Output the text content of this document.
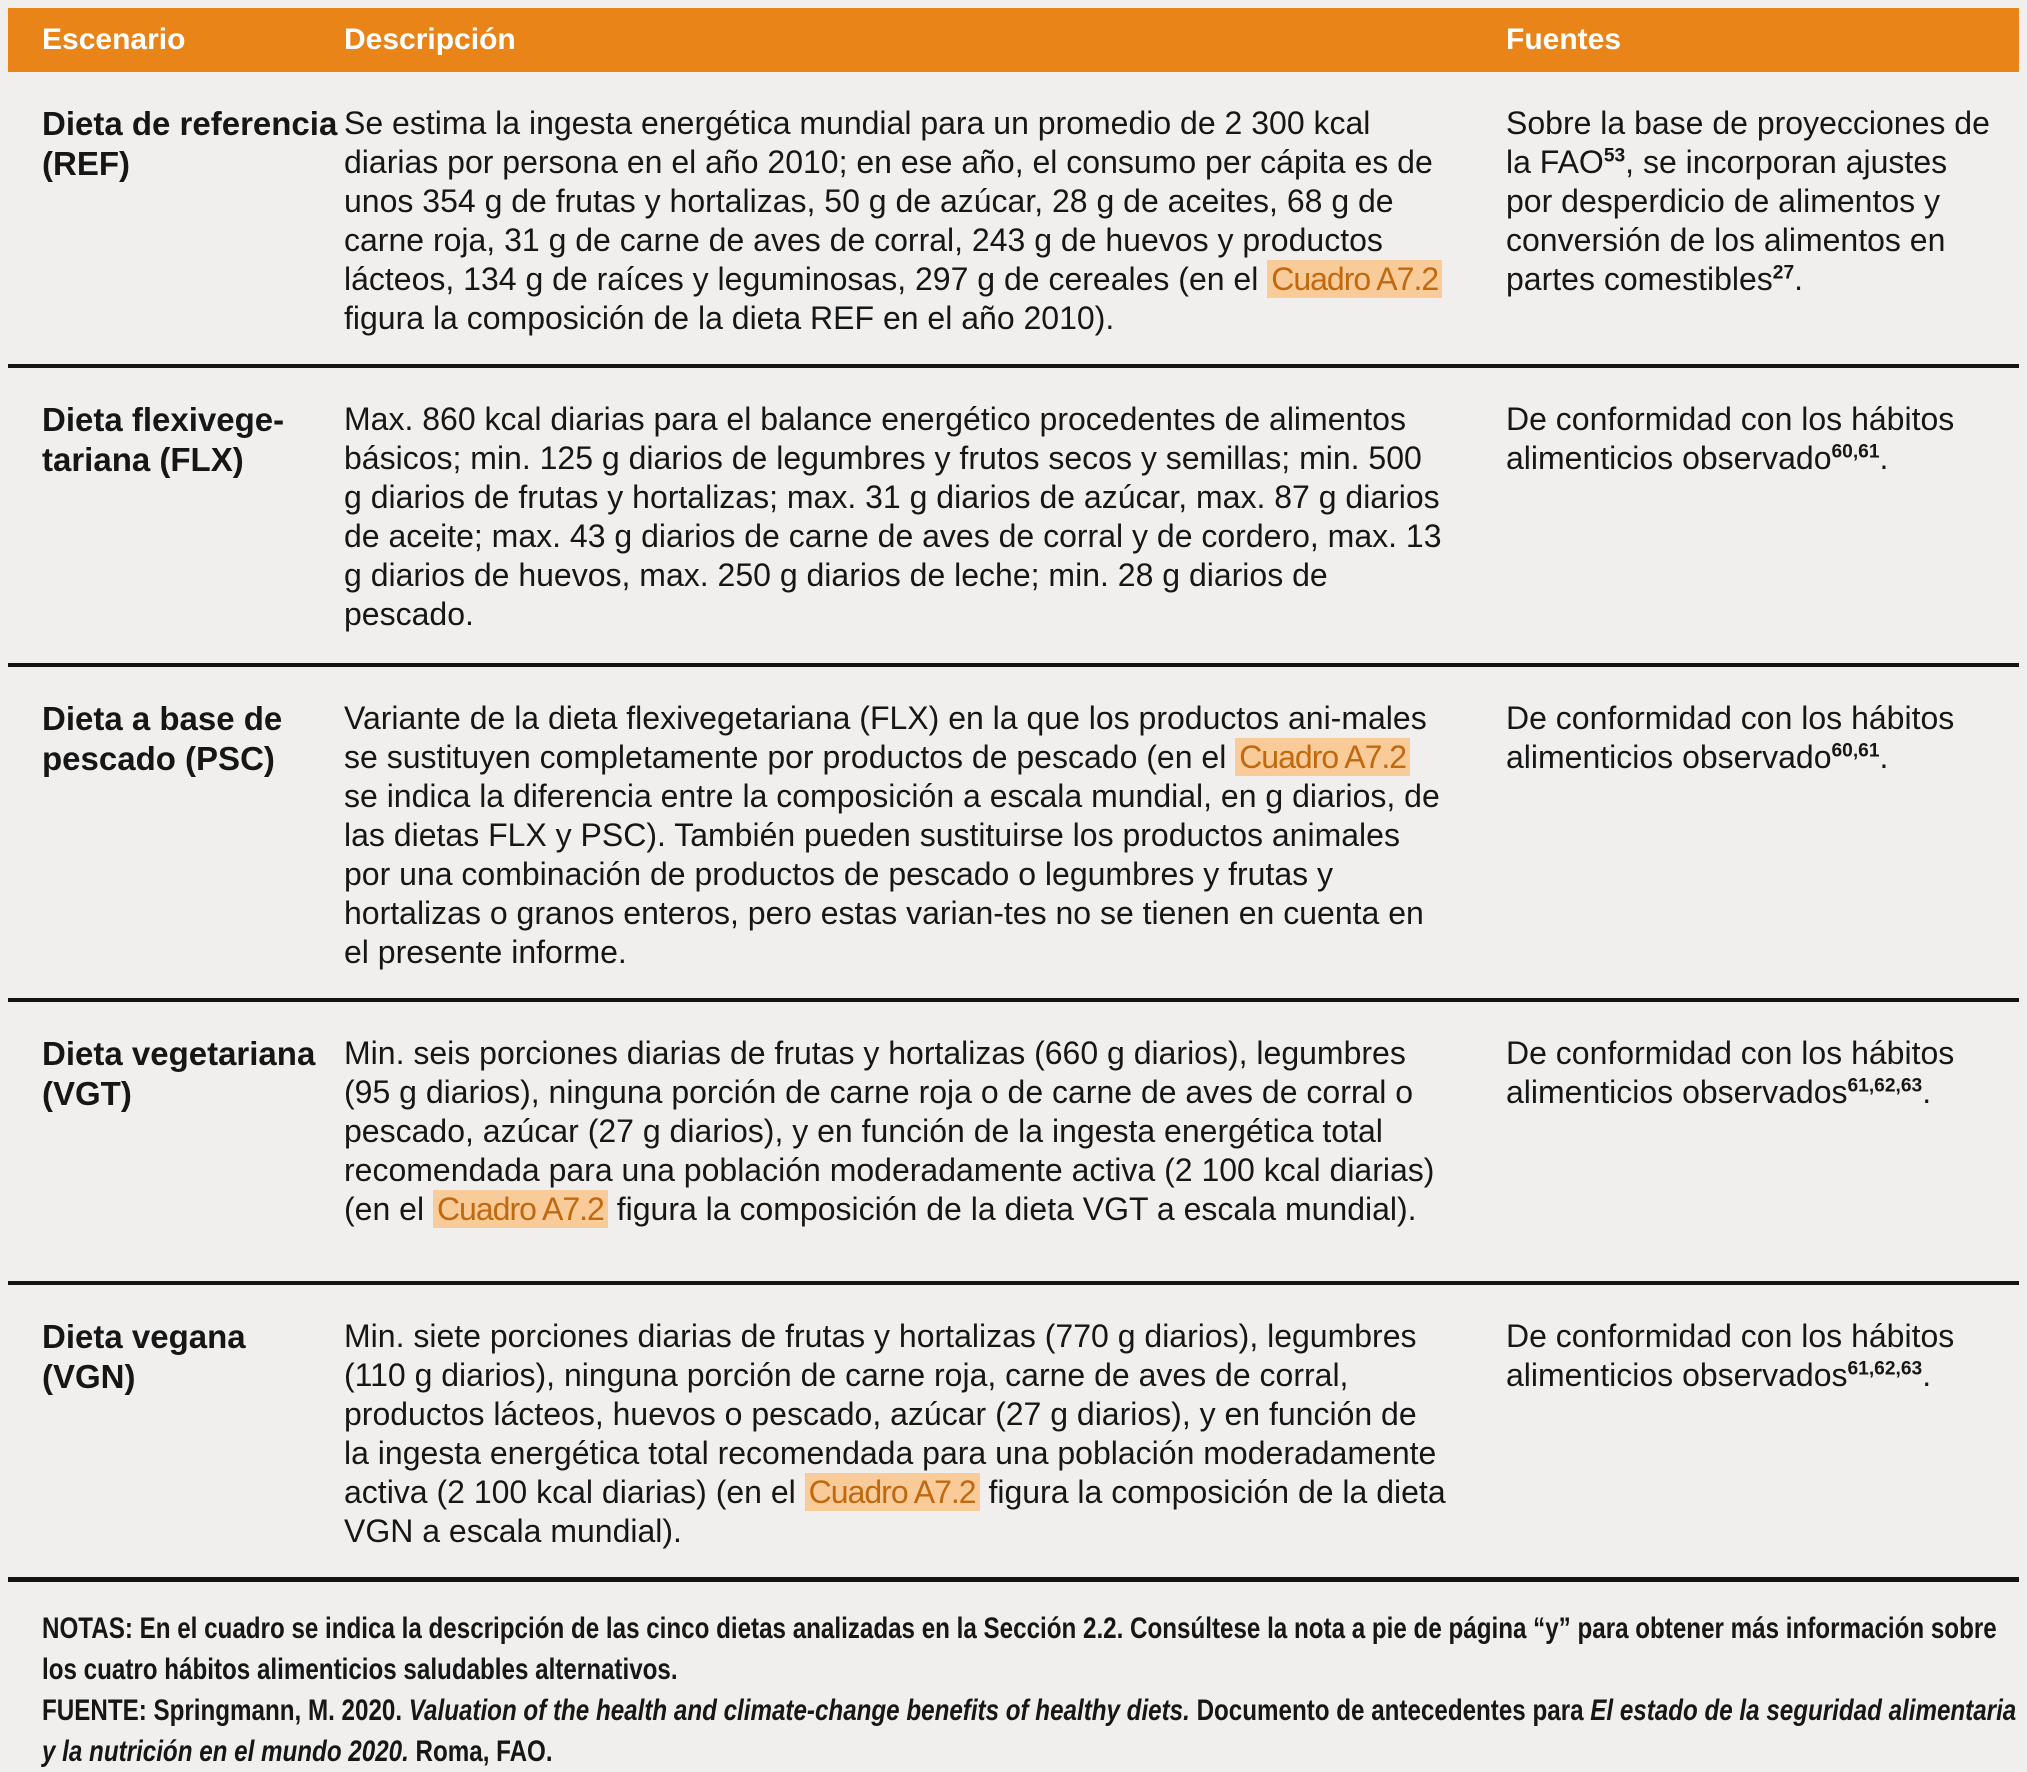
Escenario	Descripción	Fuentes
Dieta de referencia
(REF)
Se estima la ingesta energética mundial para un promedio de 2 300 kcal diarias por persona en el año 2010; en ese año, el consumo per cápita es de unos 354 g de frutas y hortalizas, 50 g de azúcar, 28 g de aceites, 68 g de carne roja, 31 g de carne de aves de corral, 243 g de huevos y productos lácteos, 134 g de raíces y leguminosas, 297 g de cereales (en el Cuadro A7.2 figura la composición de la dieta REF en el año 2010).
Sobre la base de proyecciones de la FAO$^{53}$, se incorporan ajustes por desperdicio de alimentos y conversión de los alimentos en partes comestibles$^{27}$.
Dieta flexivege-
tariana (FLX)
Max. 860 kcal diarias para el balance energético procedentes de alimentos básicos; min. 125 g diarios de legumbres y frutos secos y semillas; min. 500 g diarios de frutas y hortalizas; max. 31 g diarios de azúcar, max. 87 g diarios de aceite; max. 43 g diarios de carne de aves de corral y de cordero, max. 13 g diarios de huevos, max. 250 g diarios de leche; min. 28 g diarios de pescado.
De conformidad con los hábitos alimenticios observado$^{60,61}$.
Dieta a base de
pescado (PSC)
Variante de la dieta flexivegetariana (FLX) en la que los productos ani-males se sustituyen completamente por productos de pescado (en el Cuadro A7.2 se indica la diferencia entre la composición a escala mundial, en g diarios, de las dietas FLX y PSC). También pueden sustituirse los productos animales por una combinación de productos de pescado o legumbres y frutas y hortalizas o granos enteros, pero estas varian-tes no se tienen en cuenta en el presente informe.
De conformidad con los hábitos alimenticios observado$^{60,61}$.
Dieta vegetariana
(VGT)
Min. seis porciones diarias de frutas y hortalizas (660 g diarios), legumbres (95 g diarios), ninguna porción de carne roja o de carne de aves de corral o pescado, azúcar (27 g diarios), y en función de la ingesta energética total recomendada para una población moderadamente activa (2 100 kcal diarias) (en el Cuadro A7.2 figura la composición de la dieta VGT a escala mundial).
De conformidad con los hábitos alimenticios observados$^{61,62,63}$.
Dieta vegana (VGN)
Min. siete porciones diarias de frutas y hortalizas (770 g diarios), legumbres (110 g diarios), ninguna porción de carne roja, carne de aves de corral, productos lácteos, huevos o pescado, azúcar (27 g diarios), y en función de la ingesta energética total recomendada para una población moderadamente activa (2 100 kcal diarias) (en el Cuadro A7.2 figura la composición de la dieta VGN a escala mundial).
De conformidad con los hábitos alimenticios observados$^{61,62,63}$.

NOTAS: En el cuadro se indica la descripción de las cinco dietas analizadas en la Sección 2.2. Consúltese la nota a pie de página “y” para obtener más información sobre los cuatro hábitos alimenticios saludables alternativos.

FUENTE: Springmann, M. 2020. Valuation of the health and climate-change benefits of healthy diets. Documento de antecedentes para El estado de la seguridad alimentaria y la nutrición en el mundo 2020. Roma, FAO.
